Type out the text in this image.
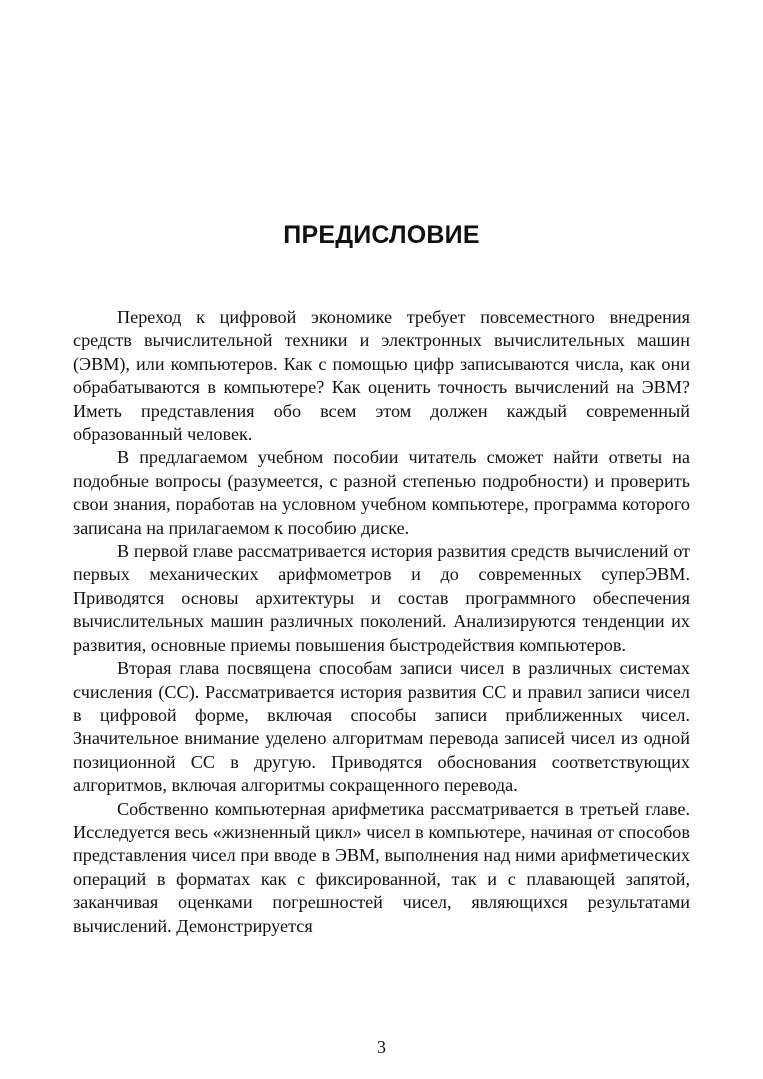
ПРЕДИСЛОВИЕ

Переход к цифровой экономике требует повсеместного внедрения средств вычислительной техники и электронных вычислительных машин (ЭВМ), или компьютеров. Как с помощью цифр записываются числа, как они обрабатываются в компьютере? Как оценить точность вычислений на ЭВМ? Иметь представления обо всем этом должен каждый современный образованный человек.

В предлагаемом учебном пособии читатель сможет найти ответы на подобные вопросы (разумеется, с разной степенью подробности) и проверить свои знания, поработав на условном учебном компьютере, программа которого записана на прилагаемом к пособию диске.

В первой главе рассматривается история развития средств вычислений от первых механических арифмометров и до современных суперЭВМ. Приводятся основы архитектуры и состав программного обеспечения вычислительных машин различных поколений. Анализируются тенденции их развития, основные приемы повышения быстродействия компьютеров.

Вторая глава посвящена способам записи чисел в различных системах счисления (СС). Рассматривается история развития СС и правил записи чисел в цифровой форме, включая способы записи приближенных чисел. Значительное внимание уделено алгоритмам перевода записей чисел из одной позиционной СС в другую. Приводятся обоснования соответствующих алгоритмов, включая алгоритмы сокращенного перевода.

Собственно компьютерная арифметика рассматривается в третьей главе. Исследуется весь «жизненный цикл» чисел в компьютере, начиная от способов представления чисел при вводе в ЭВМ, выполнения над ними арифметических операций в форматах как с фиксированной, так и с плавающей запятой, заканчивая оценками погрешностей чисел, являющихся результатами вычислений. Демонстрируется

3
